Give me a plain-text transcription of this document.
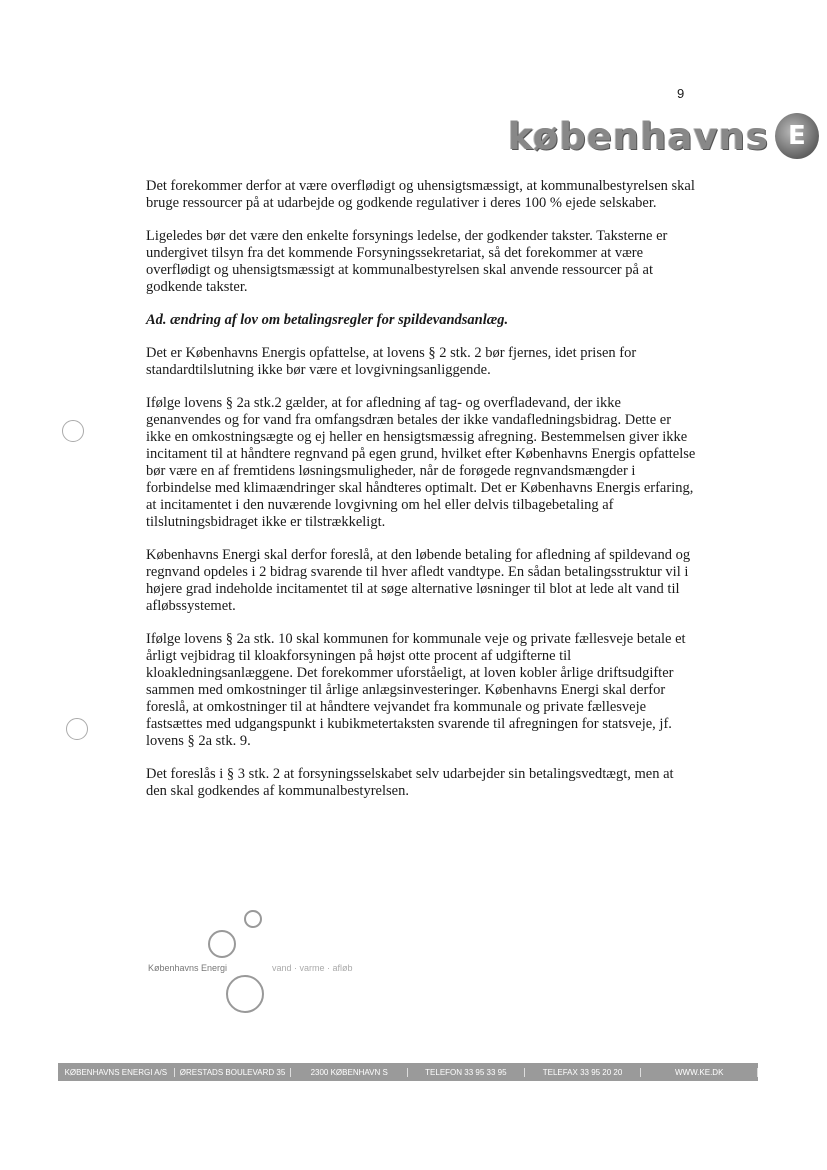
9
københavns E

Det forekommer derfor at være overflødigt og uhensigtsmæssigt, at kommunalbestyrelsen skal bruge ressourcer på at udarbejde og godkende regulativer i deres 100 % ejede selskaber.

Ligeledes bør det være den enkelte forsynings ledelse, der godkender takster. Taksterne er undergivet tilsyn fra det kommende Forsyningssekretariat, så det forekommer at være overflødigt og uhensigtsmæssigt at kommunalbestyrelsen skal anvende ressourcer på at godkende takster.

Ad. ændring af lov om betalingsregler for spildevandsanlæg.

Det er Københavns Energis opfattelse, at lovens § 2 stk. 2 bør fjernes, idet prisen for standardtilslutning ikke bør være et lovgivningsanliggende.

Ifølge lovens § 2a stk.2 gælder, at for afledning af tag- og overfladevand, der ikke genanvendes og for vand fra omfangsdræn betales der ikke vandafledningsbidrag. Dette er ikke en omkostningsægte og ej heller en hensigtsmæssig afregning. Bestemmelsen giver ikke incitament til at håndtere regnvand på egen grund, hvilket efter Københavns Energis opfattelse bør være en af fremtidens løsningsmuligheder, når de forøgede regnvandsmængder i forbindelse med klimaændringer skal håndteres optimalt. Det er Københavns Energis erfaring, at incitamentet i den nuværende lovgivning om hel eller delvis tilbagebetaling af tilslutningsbidraget ikke er tilstrækkeligt.

Københavns Energi skal derfor foreslå, at den løbende betaling for afledning af spildevand og regnvand opdeles i 2 bidrag svarende til hver afledt vandtype. En sådan betalingsstruktur vil i højere grad indeholde incitamentet til at søge alternative løsninger til blot at lede alt vand til afløbssystemet.

Ifølge lovens § 2a stk. 10 skal kommunen for kommunale veje og private fællesveje betale et årligt vejbidrag til kloakforsyningen på højst otte procent af udgifterne til kloakledningsanlæggene. Det forekommer uforståeligt, at loven kobler årlige driftsudgifter sammen med omkostninger til årlige anlægsinvesteringer. Københavns Energi skal derfor foreslå, at omkostninger til at håndtere vejvandet fra kommunale og private fællesveje fastsættes med udgangspunkt i kubikmetertaksten svarende til afregningen for statsveje, jf. lovens § 2a stk. 9.

Det foreslås i § 3 stk. 2 at forsyningsselskabet selv udarbejder sin betalingsvedtægt, men at den skal godkendes af kommunalbestyrelsen.

Københavns Energi	vand · varme · afløb
KØBENHAVNS ENERGI A/S	ØRESTADS BOULEVARD 35	2300 KØBENHAVN S	TELEFON 33 95 33 95	TELEFAX 33 95 20 20	WWW.KE.DK
